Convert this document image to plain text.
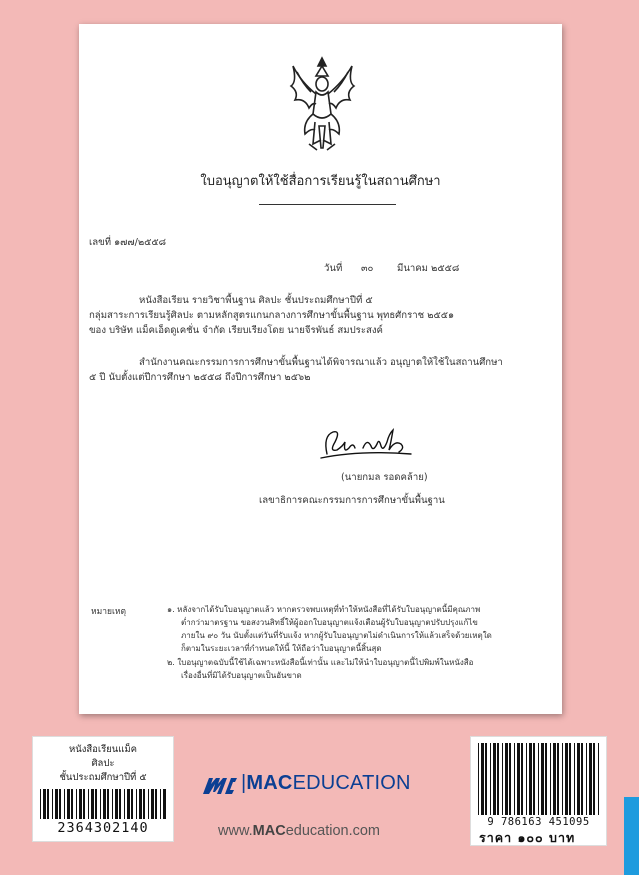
ใบอนุญาตให้ใช้สื่อการเรียนรู้ในสถานศึกษา
เลขที่ ๑๗๗/๒๕๕๘
วันที่ ๓๐ มีนาคม ๒๕๕๘
หนังสือเรียน รายวิชาพื้นฐาน ศิลปะ ชั้นประถมศึกษาปีที่ ๕
กลุ่มสาระการเรียนรู้ศิลปะ ตามหลักสูตรแกนกลางการศึกษาขั้นพื้นฐาน พุทธศักราช ๒๕๕๑
ของ บริษัท แม็คเอ็ดดูเคชั่น จำกัด เรียบเรียงโดย นายจีรพันธ์ สมประสงค์
สำนักงานคณะกรรมการการศึกษาขั้นพื้นฐานได้พิจารณาแล้ว อนุญาตให้ใช้ในสถานศึกษา
๕ ปี นับตั้งแต่ปีการศึกษา ๒๕๕๘ ถึงปีการศึกษา ๒๕๖๒
(นายกมล รอดคล้าย)
เลขาธิการคณะกรรมการการศึกษาขั้นพื้นฐาน
หมายเหตุ	๑. หลังจากได้รับใบอนุญาตแล้ว หากตรวจพบเหตุที่ทำให้หนังสือที่ได้รับใบอนุญาตนี้มีคุณภาพ
ต่ำกว่ามาตรฐาน ขอสงวนสิทธิ์ให้ผู้ออกใบอนุญาตแจ้งเตือนผู้รับใบอนุญาตปรับปรุงแก้ไข
ภายใน ๙๐ วัน นับตั้งแต่วันที่รับแจ้ง หากผู้รับใบอนุญาตไม่ดำเนินการให้แล้วเสร็จด้วยเหตุใด
ก็ตามในระยะเวลาที่กำหนดให้นี้ ให้ถือว่าใบอนุญาตนี้สิ้นสุด
๒. ใบอนุญาตฉบับนี้ใช้ได้เฉพาะหนังสือนี้เท่านั้น และไม่ให้นำใบอนุญาตนี้ไปพิมพ์ในหนังสือ
เรื่องอื่นที่มิได้รับอนุญาตเป็นอันขาด
หนังสือเรียนแม็ค
ศิลปะ
ชั้นประถมศึกษาปีที่ ๕
2364302140
|MACEDUCATION
www.MACeducation.com
9 786163 451095
ราคา ๑๐๐ บาท
